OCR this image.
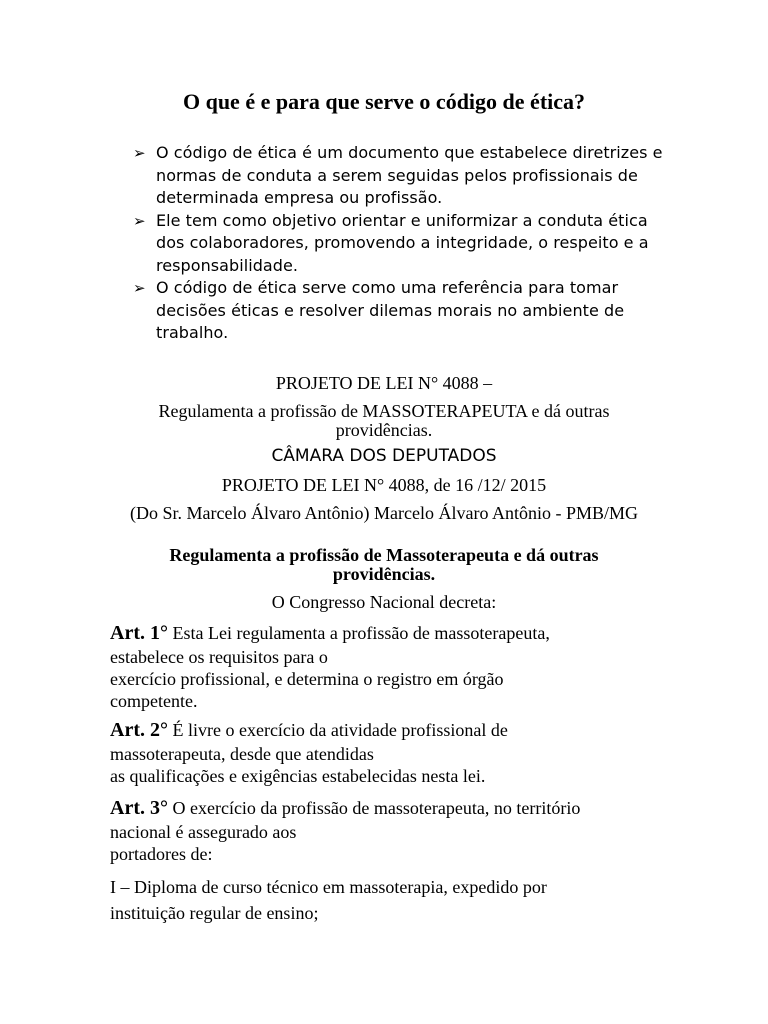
O que é e para que serve o código de ética?
➢ O código de ética é um documento que estabelece diretrizes e normas de conduta a serem seguidas pelos profissionais de determinada empresa ou profissão.
➢ Ele tem como objetivo orientar e uniformizar a conduta ética dos colaboradores, promovendo a integridade, o respeito e a responsabilidade.
➢ O código de ética serve como uma referência para tomar decisões éticas e resolver dilemas morais no ambiente de trabalho.
PROJETO DE LEI N° 4088 –
Regulamenta a profissão de MASSOTERAPEUTA e dá outras providências.
CÂMARA DOS DEPUTADOS
PROJETO DE LEI N° 4088, de 16 /12/ 2015
(Do Sr. Marcelo Álvaro Antônio) Marcelo Álvaro Antônio - PMB/MG
Regulamenta a profissão de Massoterapeuta e dá outras providências.
O Congresso Nacional decreta:
Art. 1° Esta Lei regulamenta a profissão de massoterapeuta,
estabelece os requisitos para o
exercício profissional, e determina o registro em órgão
competente.
Art. 2° É livre o exercício da atividade profissional de
massoterapeuta, desde que atendidas
as qualificações e exigências estabelecidas nesta lei.
Art. 3° O exercício da profissão de massoterapeuta, no território
nacional é assegurado aos
portadores de:
I – Diploma de curso técnico em massoterapia, expedido por
instituição regular de ensino;
